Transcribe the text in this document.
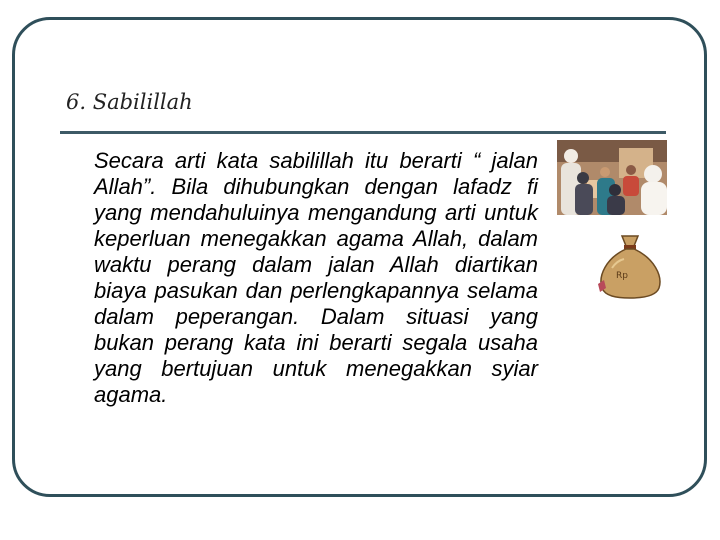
6. Sabilillah

Secara arti kata sabilillah itu berarti “ jalan Allah”. Bila dihubungkan dengan lafadz fi yang mendahuluinya mengandung arti untuk keperluan menegakkan agama Allah, dalam waktu perang dalam jalan Allah diartikan biaya pasukan dan perlengkapannya selama dalam peperangan. Dalam situasi yang bukan perang kata ini berarti segala usaha yang bertujuan untuk menegakkan syiar agama.

Rp
